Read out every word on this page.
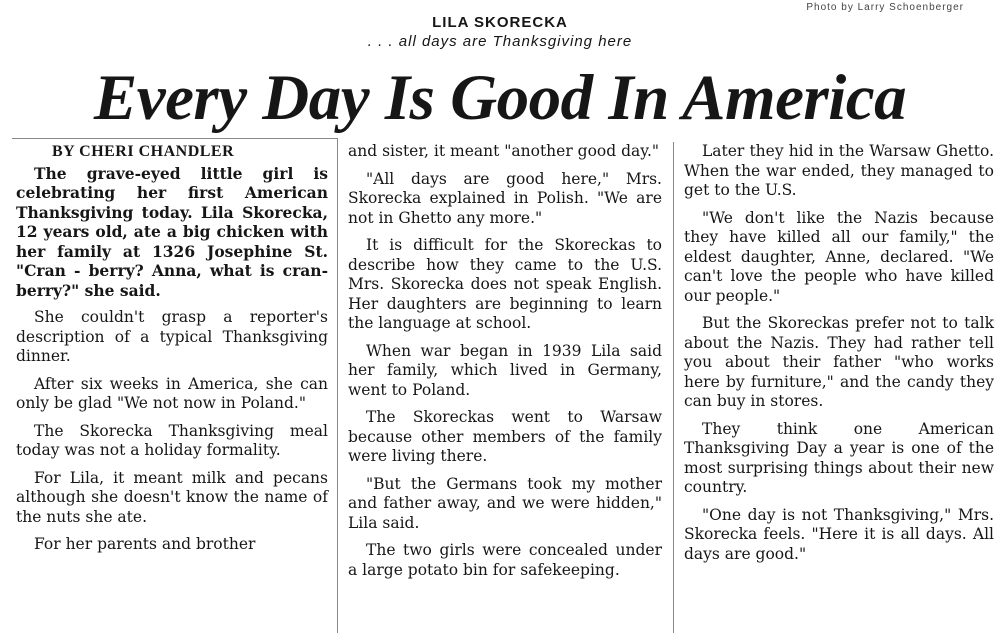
Photo by Larry Schoenberger
LILA SKORECKA
. . . all days are Thanksgiving here
Every Day Is Good In America
BY CHERI CHANDLER

The grave-eyed little girl is celebrating her first American Thanksgiving today. Lila Skorecka, 12 years old, ate a big chicken with her family at 1326 Josephine St. "Cran - berry? Anna, what is cran-berry?" she said.

She couldn't grasp a reporter's description of a typical Thanksgiving dinner.

After six weeks in America, she can only be glad "We not now in Poland."

The Skorecka Thanksgiving meal today was not a holiday formality.

For Lila, it meant milk and pecans although she doesn't know the name of the nuts she ate.

For her parents and brother

and sister, it meant "another good day."

"All days are good here," Mrs. Skorecka explained in Polish. "We are not in Ghetto any more."

It is difficult for the Skoreckas to describe how they came to the U.S. Mrs. Skorecka does not speak English. Her daughters are beginning to learn the language at school.

When war began in 1939 Lila said her family, which lived in Germany, went to Poland.

The Skoreckas went to Warsaw because other members of the family were living there.

"But the Germans took my mother and father away, and we were hidden," Lila said.

The two girls were concealed under a large potato bin for safekeeping.

Later they hid in the Warsaw Ghetto. When the war ended, they managed to get to the U.S.

"We don't like the Nazis because they have killed all our family," the eldest daughter, Anne, declared. "We can't love the people who have killed our people."

But the Skoreckas prefer not to talk about the Nazis. They had rather tell you about their father "who works here by furniture," and the candy they can buy in stores.

They think one American Thanksgiving Day a year is one of the most surprising things about their new country.

"One day is not Thanksgiving," Mrs. Skorecka feels. "Here it is all days. All days are good."
